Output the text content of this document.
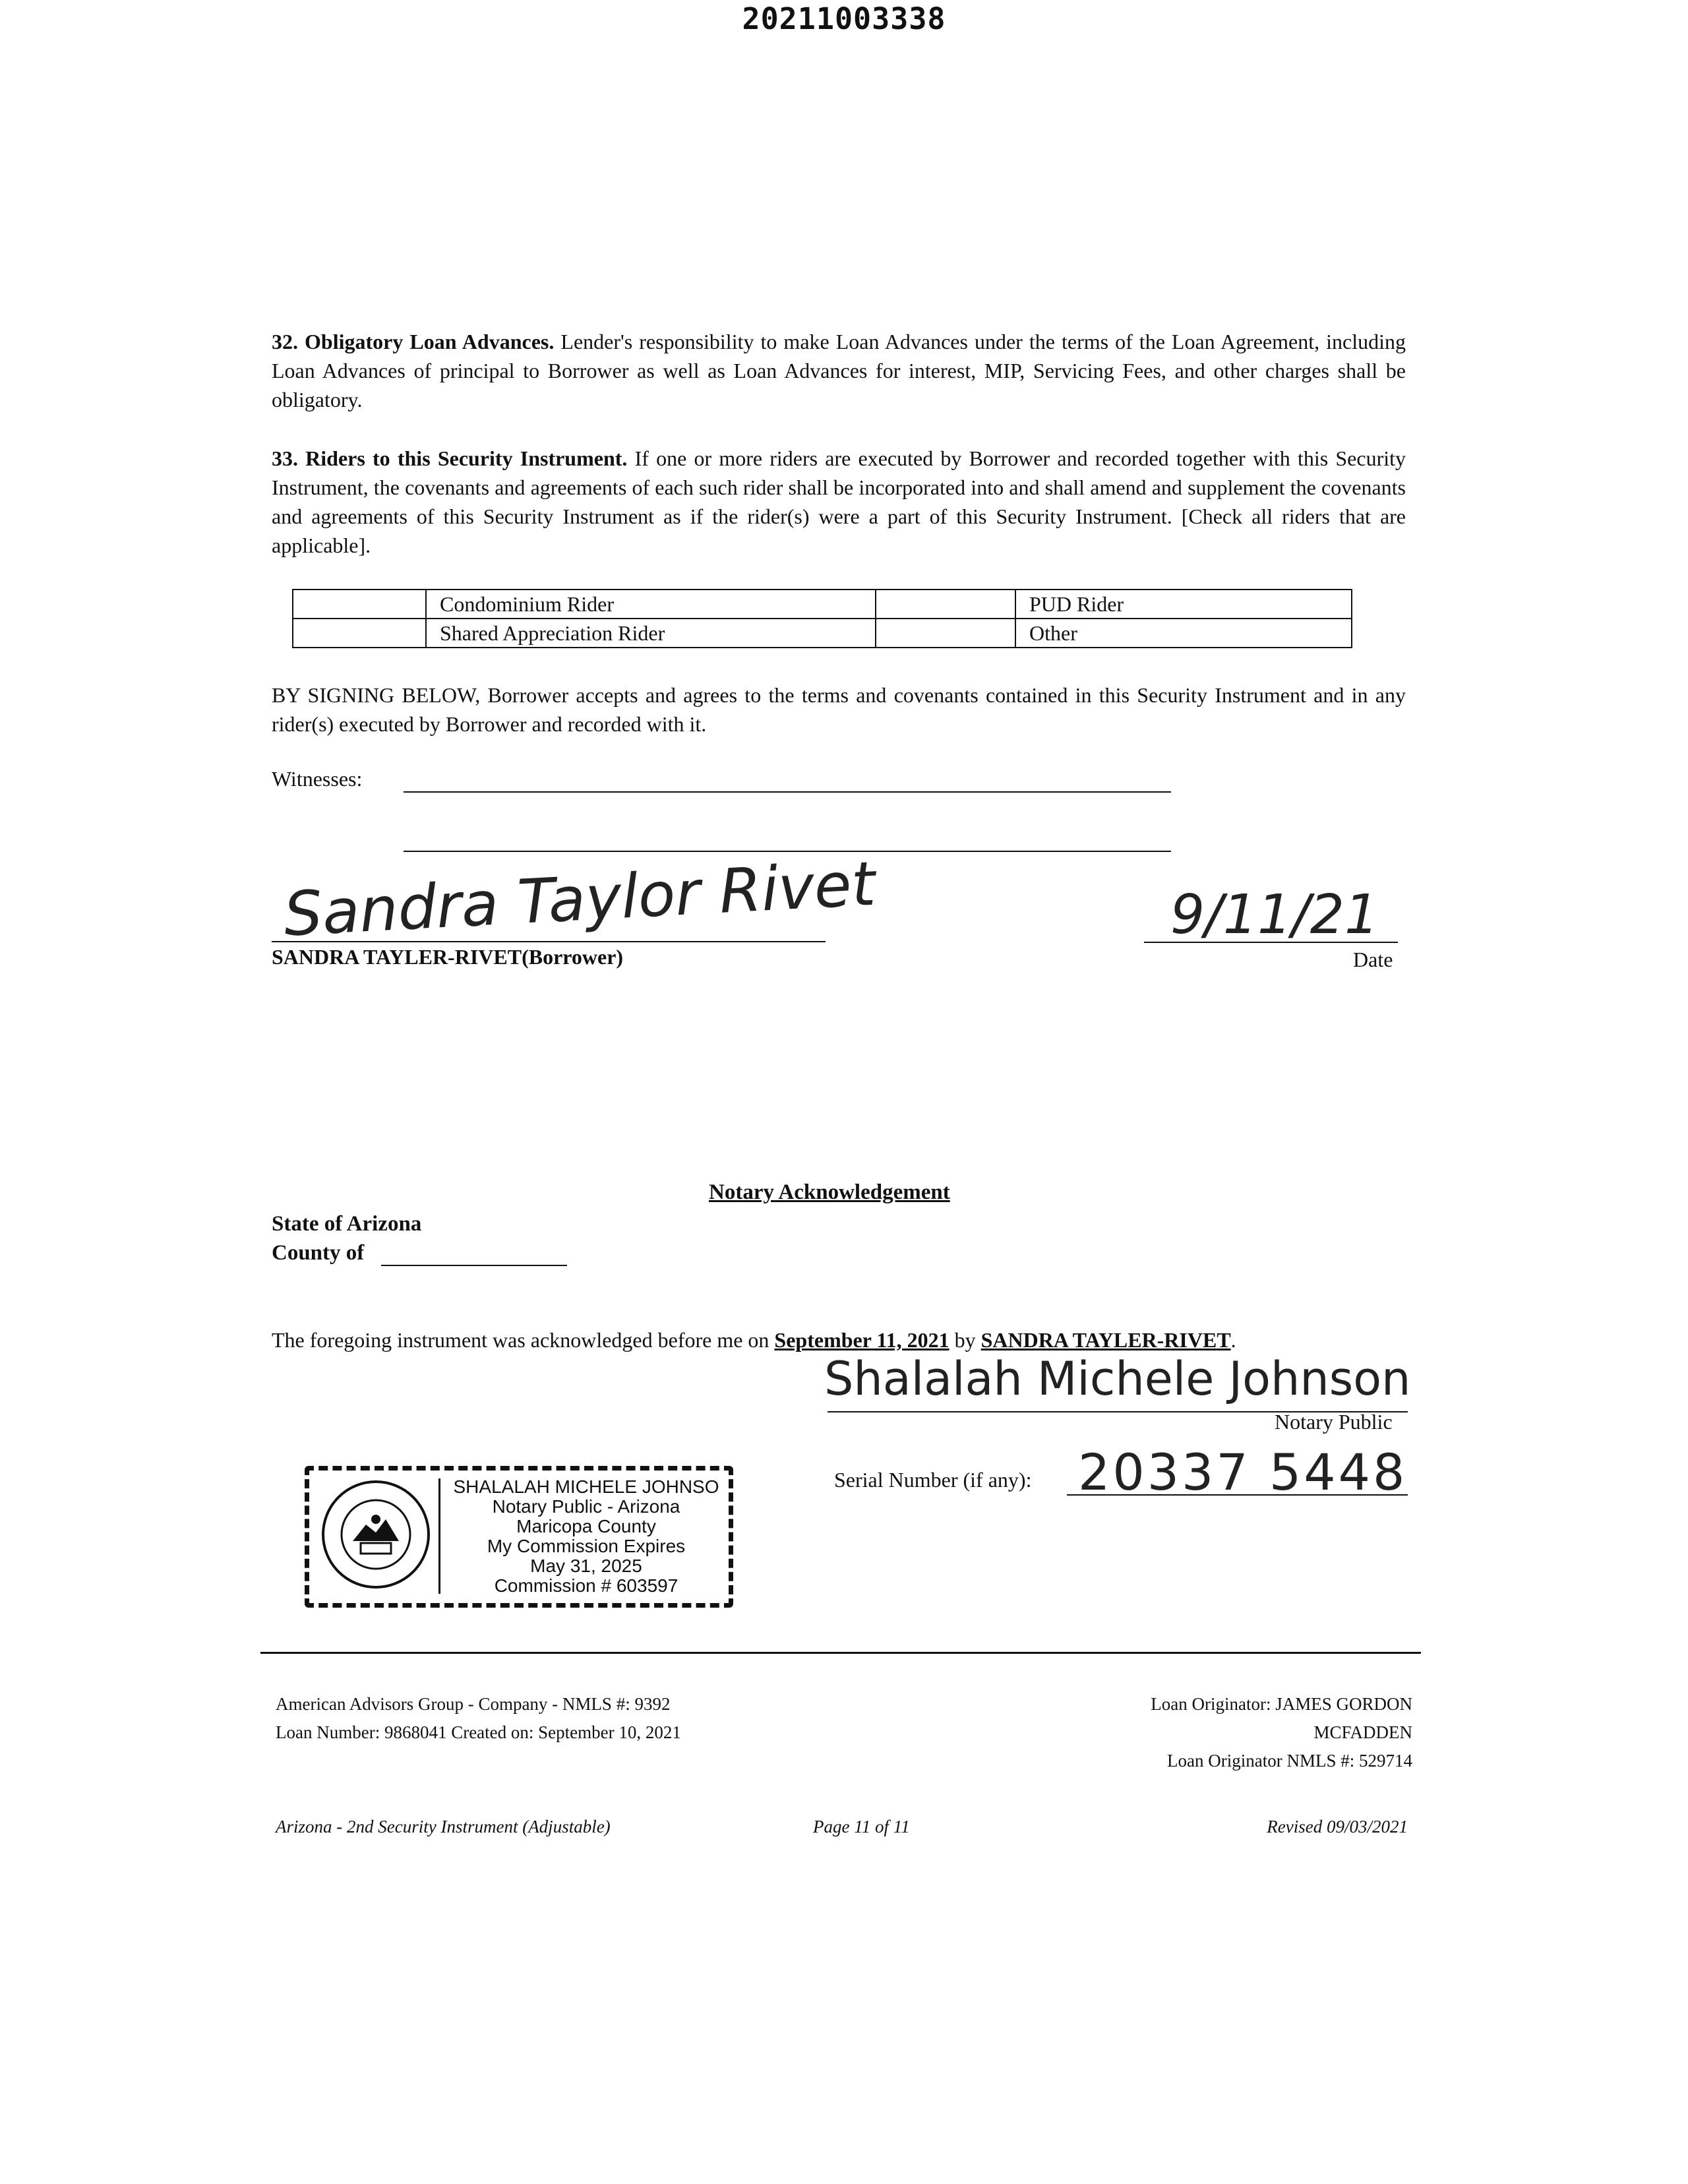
20211003338
32. Obligatory Loan Advances. Lender's responsibility to make Loan Advances under the terms of the Loan Agreement, including Loan Advances of principal to Borrower as well as Loan Advances for interest, MIP, Servicing Fees, and other charges shall be obligatory.
33. Riders to this Security Instrument. If one or more riders are executed by Borrower and recorded together with this Security Instrument, the covenants and agreements of each such rider shall be incorporated into and shall amend and supplement the covenants and agreements of this Security Instrument as if the rider(s) were a part of this Security Instrument. [Check all riders that are applicable].
	Condominium Rider		PUD Rider
	Shared Appreciation Rider		Other
BY SIGNING BELOW, Borrower accepts and agrees to the terms and covenants contained in this Security Instrument and in any rider(s) executed by Borrower and recorded with it.
Witnesses:
Sandra Taylor Rivet
SANDRA TAYLER-RIVET(Borrower)
9/11/21
Date
Notary Acknowledgement
State of Arizona
County of
The foregoing instrument was acknowledged before me on September 11, 2021 by SANDRA TAYLER-RIVET.
Shalalah Michele Johnson
Notary Public
Serial Number (if any): 20337 5448
SHALALAH MICHELE JOHNSO
Notary Public - Arizona
Maricopa County
My Commission Expires
May 31, 2025
Commission # 603597
American Advisors Group - Company - NMLS #: 9392
Loan Number: 9868041 Created on: September 10, 2021
Loan Originator: JAMES GORDON
MCFADDEN
Loan Originator NMLS #: 529714
Arizona - 2nd Security Instrument (Adjustable)	Page 11 of 11	Revised 09/03/2021
